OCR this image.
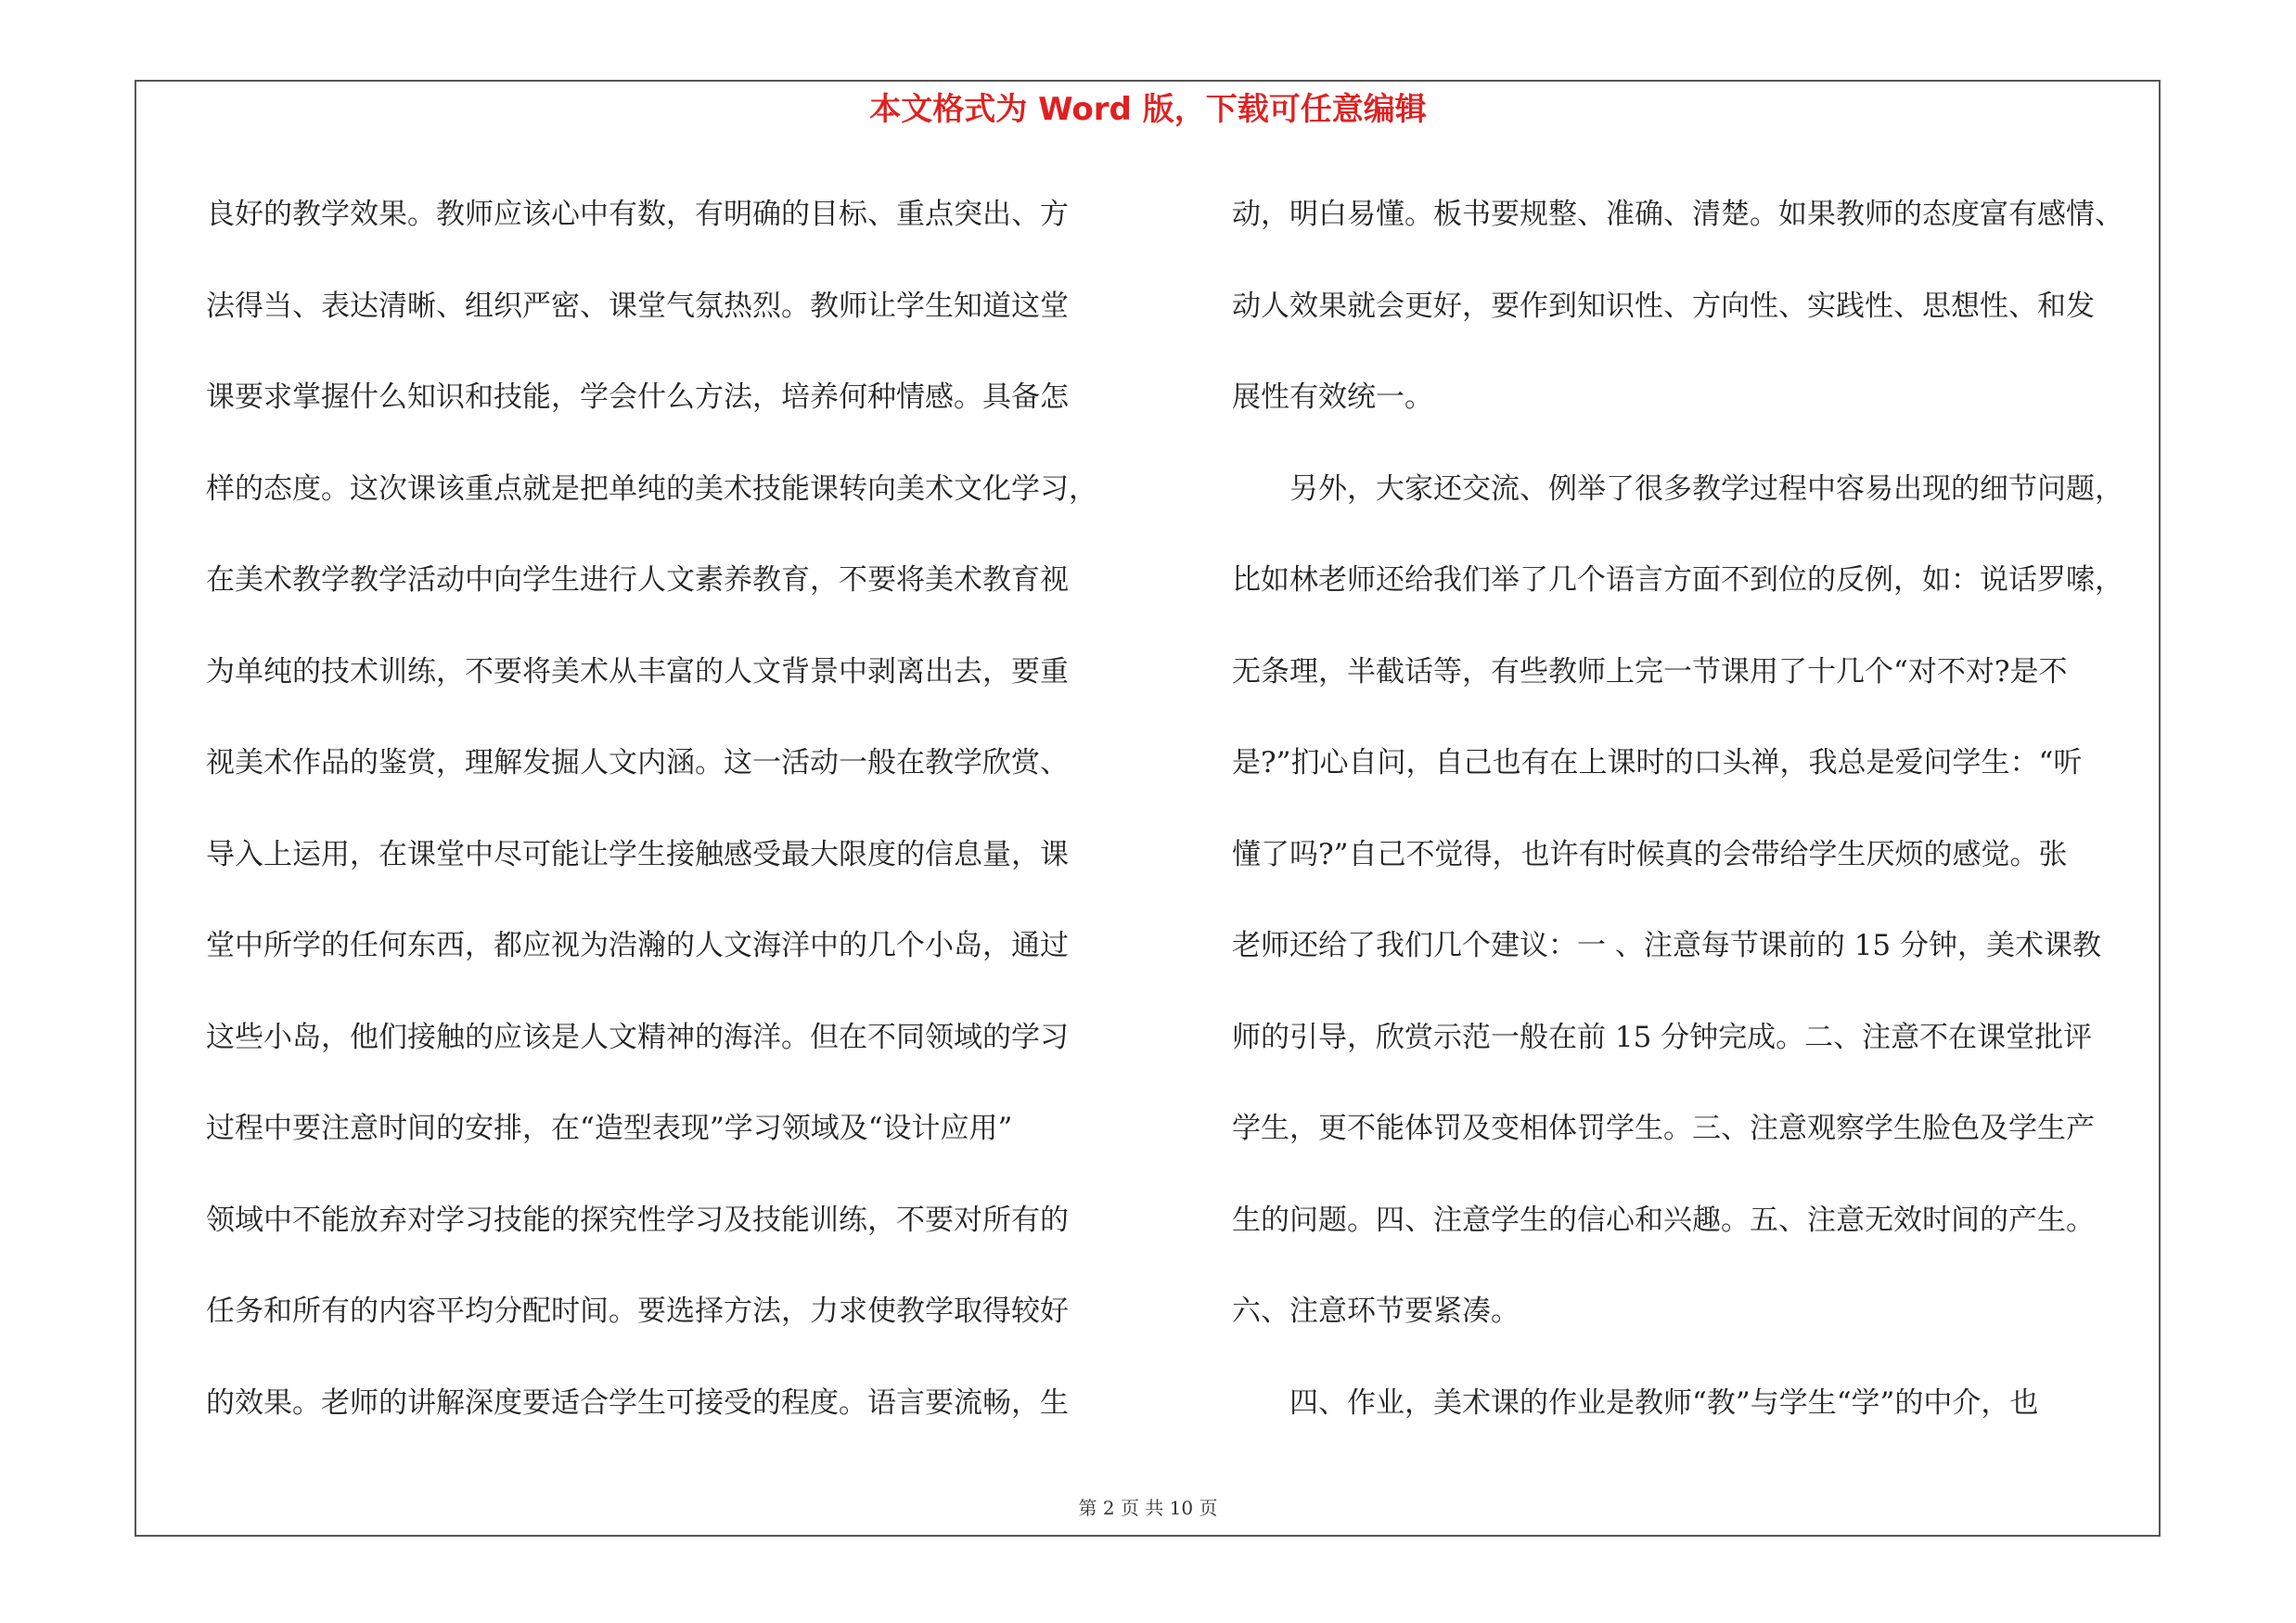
本文格式为 Word 版，下载可任意编辑
良好的教学效果。教师应该心中有数，有明确的目标、重点突出、方
法得当、表达清晰、组织严密、课堂气氛热烈。教师让学生知道这堂
课要求掌握什么知识和技能，学会什么方法，培养何种情感。具备怎
样的态度。这次课该重点就是把单纯的美术技能课转向美术文化学习，
在美术教学教学活动中向学生进行人文素养教育，不要将美术教育视
为单纯的技术训练，不要将美术从丰富的人文背景中剥离出去，要重
视美术作品的鉴赏，理解发掘人文内涵。这一活动一般在教学欣赏、
导入上运用，在课堂中尽可能让学生接触感受最大限度的信息量，课
堂中所学的任何东西，都应视为浩瀚的人文海洋中的几个小岛，通过
这些小岛，他们接触的应该是人文精神的海洋。但在不同领域的学习
过程中要注意时间的安排，在“造型表现”学习领域及“设计应用”
领域中不能放弃对学习技能的探究性学习及技能训练，不要对所有的
任务和所有的内容平均分配时间。要选择方法，力求使教学取得较好
的效果。老师的讲解深度要适合学生可接受的程度。语言要流畅，生
动，明白易懂。板书要规整、准确、清楚。如果教师的态度富有感情、
动人效果就会更好，要作到知识性、方向性、实践性、思想性、和发
展性有效统一。
　　另外，大家还交流、例举了很多教学过程中容易出现的细节问题，
比如林老师还给我们举了几个语言方面不到位的反例，如：说话罗嗦，
无条理，半截话等，有些教师上完一节课用了十几个“对不对?是不
是?”扪心自问，自己也有在上课时的口头禅，我总是爱问学生：“听
懂了吗?”自己不觉得，也许有时候真的会带给学生厌烦的感觉。张
老师还给了我们几个建议：一 、注意每节课前的 15 分钟，美术课教
师的引导，欣赏示范一般在前 15 分钟完成。二、注意不在课堂批评
学生，更不能体罚及变相体罚学生。三、注意观察学生脸色及学生产
生的问题。四、注意学生的信心和兴趣。五、注意无效时间的产生。
六、注意环节要紧凑。
　　四、作业，美术课的作业是教师“教”与学生“学”的中介，也
第 2 页 共 10 页
